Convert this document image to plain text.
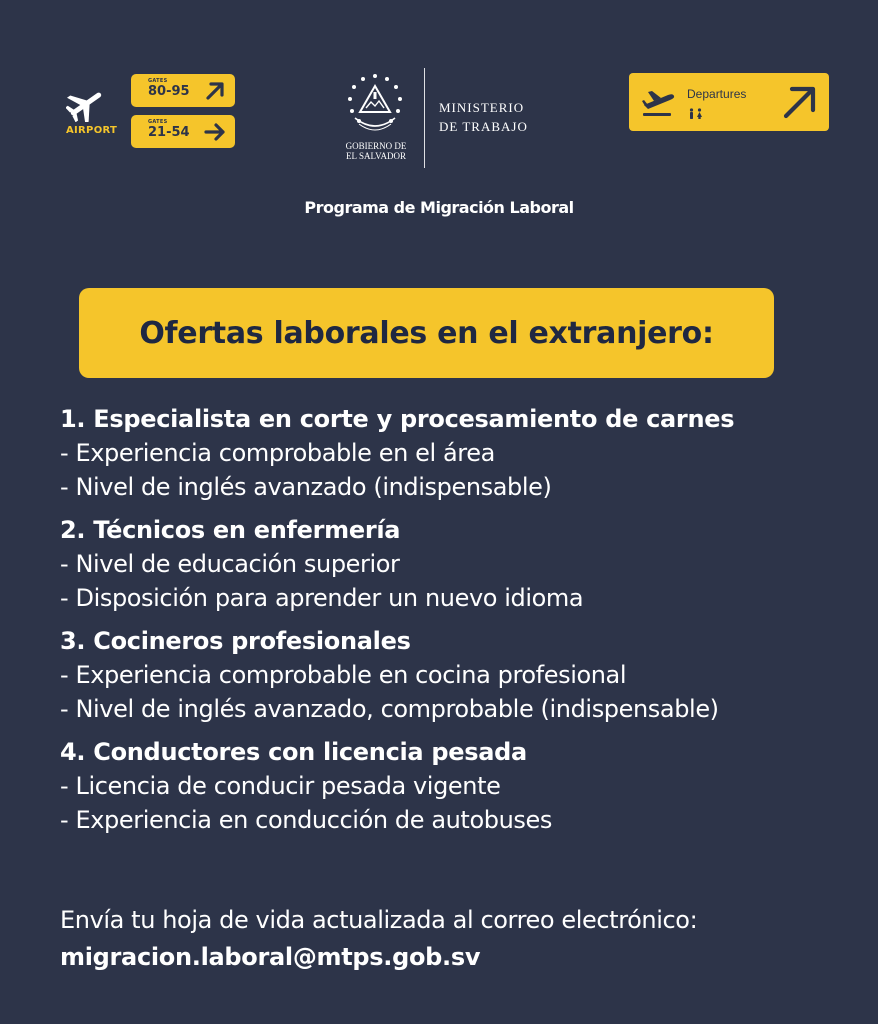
AIRPORT
GATES
80-95
GATES
21-54
GOBIERNO DE
EL SALVADOR
MINISTERIO
DE TRABAJO
Departures
Programa de Migración Laboral
Ofertas laborales en el extranjero:
1. Especialista en corte y procesamiento de carnes
- Experiencia comprobable en el área
- Nivel de inglés avanzado (indispensable)
2. Técnicos en enfermería
- Nivel de educación superior
- Disposición para aprender un nuevo idioma
3. Cocineros profesionales
- Experiencia comprobable en cocina profesional
- Nivel de inglés avanzado, comprobable (indispensable)
4. Conductores con licencia pesada
- Licencia de conducir pesada vigente
- Experiencia en conducción de autobuses
Envía tu hoja de vida actualizada al correo electrónico:
migracion.laboral@mtps.gob.sv
